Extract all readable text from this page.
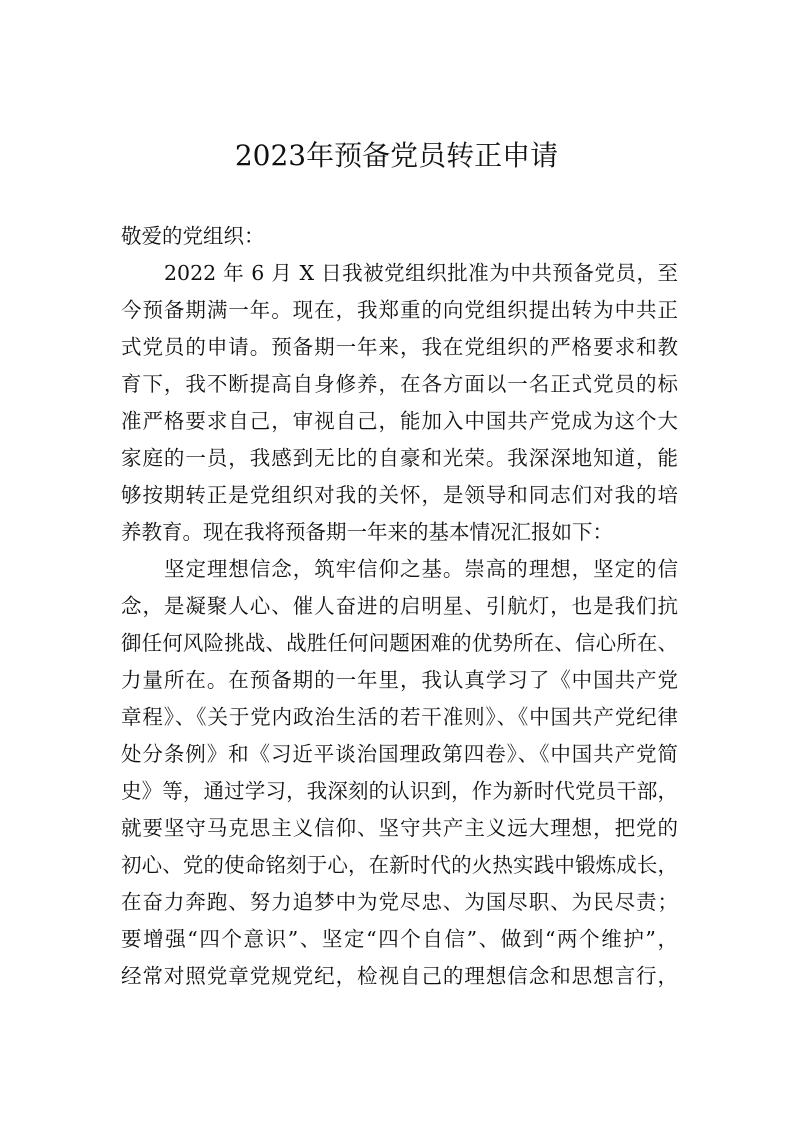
2023年预备党员转正申请
敬爱的党组织：
2022 年 6 月 X 日我被党组织批准为中共预备党员，至
今预备期满一年。现在，我郑重的向党组织提出转为中共正
式党员的申请。预备期一年来，我在党组织的严格要求和教
育下，我不断提高自身修养，在各方面以一名正式党员的标
准严格要求自己，审视自己，能加入中国共产党成为这个大
家庭的一员，我感到无比的自豪和光荣。我深深地知道，能
够按期转正是党组织对我的关怀，是领导和同志们对我的培
养教育。现在我将预备期一年来的基本情况汇报如下：
坚定理想信念，筑牢信仰之基。崇高的理想，坚定的信
念，是凝聚人心、催人奋进的启明星、引航灯，也是我们抗
御任何风险挑战、战胜任何问题困难的优势所在、信心所在、
力量所在。在预备期的一年里，我认真学习了《中国共产党
章程》、《关于党内政治生活的若干准则》、《中国共产党纪律
处分条例》和《习近平谈治国理政第四卷》、《中国共产党简
史》等，通过学习，我深刻的认识到，作为新时代党员干部，
就要坚守马克思主义信仰、坚守共产主义远大理想，把党的
初心、党的使命铭刻于心，在新时代的火热实践中锻炼成长，
在奋力奔跑、努力追梦中为党尽忠、为国尽职、为民尽责；
要增强“四个意识”、坚定“四个自信”、做到“两个维护”，
经常对照党章党规党纪，检视自己的理想信念和思想言行，
